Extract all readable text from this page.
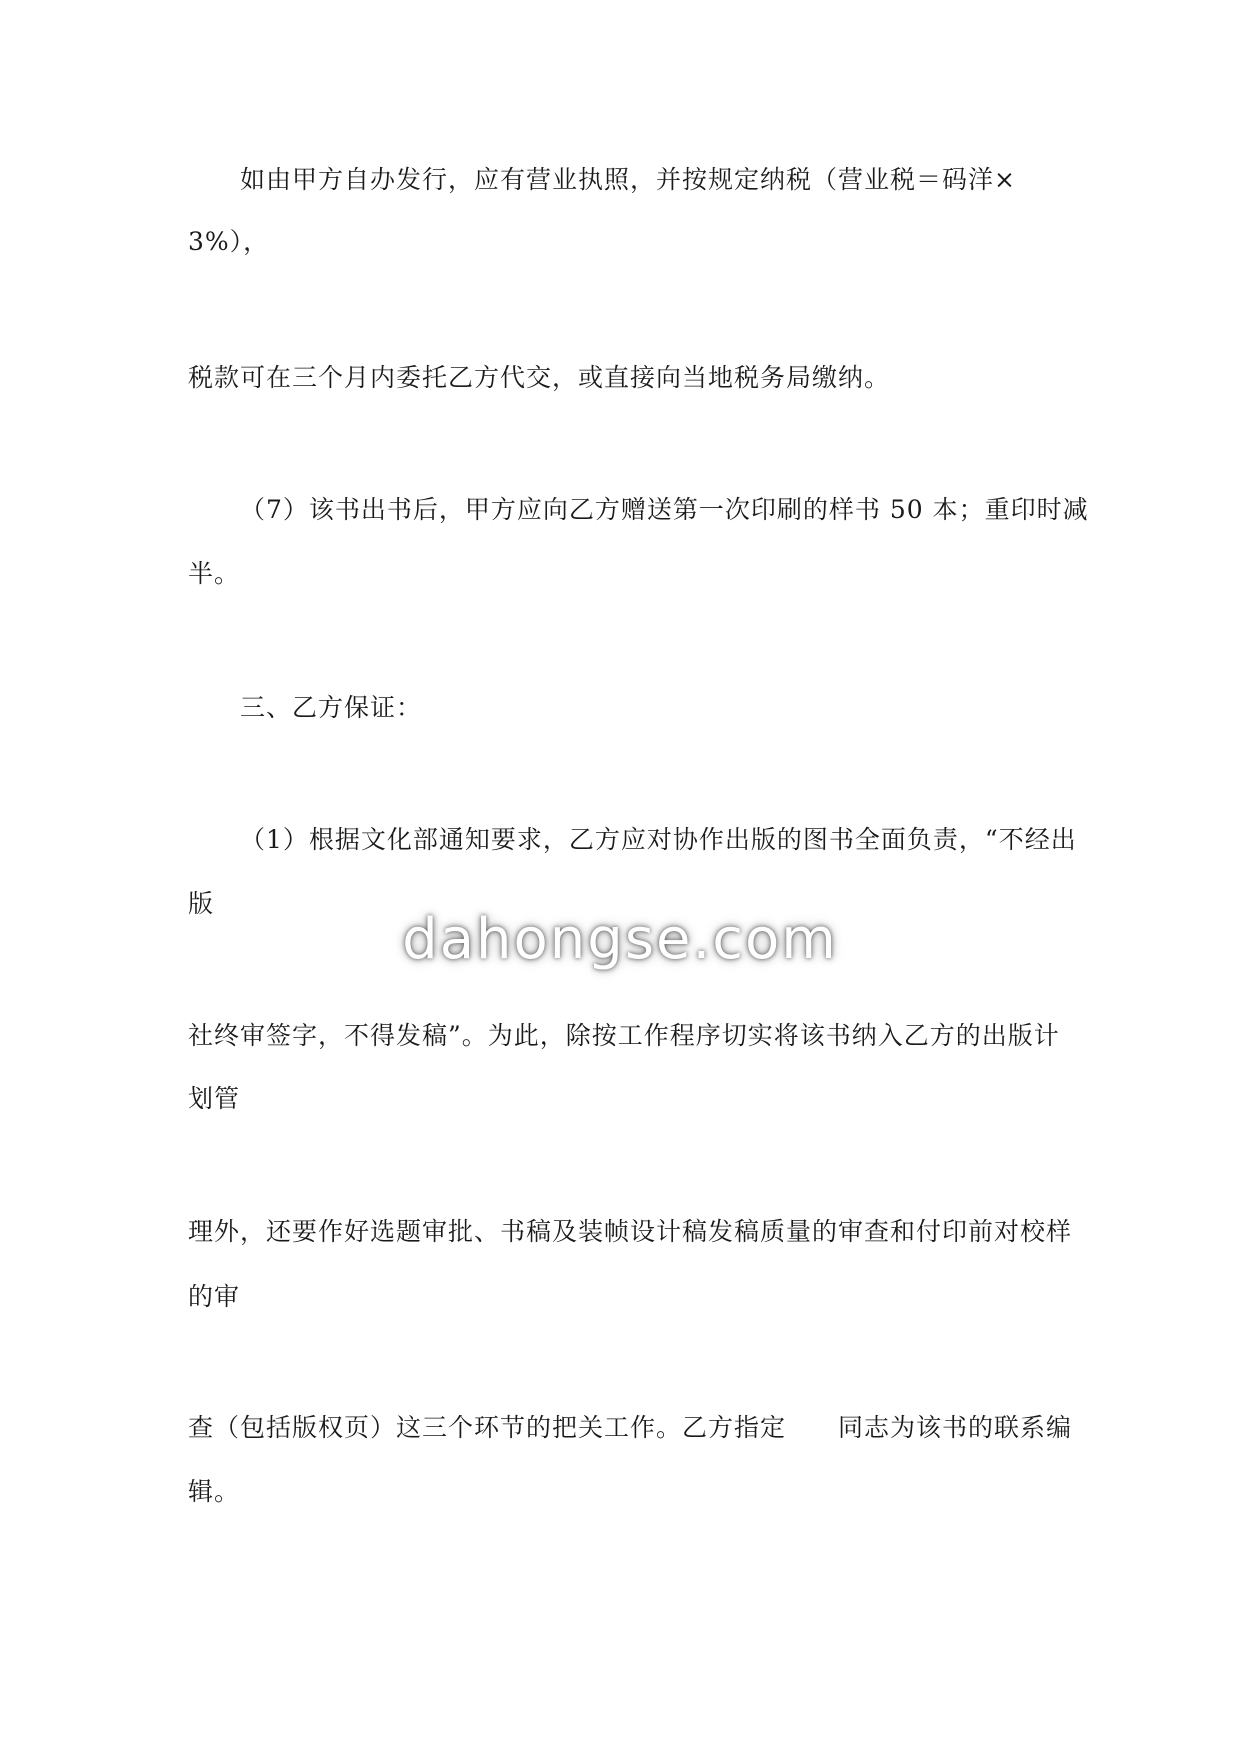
如由甲方自办发行，应有营业执照，并按规定纳税（营业税＝码洋×
3%），
税款可在三个月内委托乙方代交，或直接向当地税务局缴纳。
（7）该书出书后，甲方应向乙方赠送第一次印刷的样书 50 本；重印时减
半。
三、乙方保证：
（1）根据文化部通知要求，乙方应对协作出版的图书全面负责，“不经出
版
社终审签字，不得发稿”。为此，除按工作程序切实将该书纳入乙方的出版计
划管
理外，还要作好选题审批、书稿及装帧设计稿发稿质量的审查和付印前对校样
的审
查（包括版权页）这三个环节的把关工作。乙方指定　　同志为该书的联系编
辑。
dahongse.com
